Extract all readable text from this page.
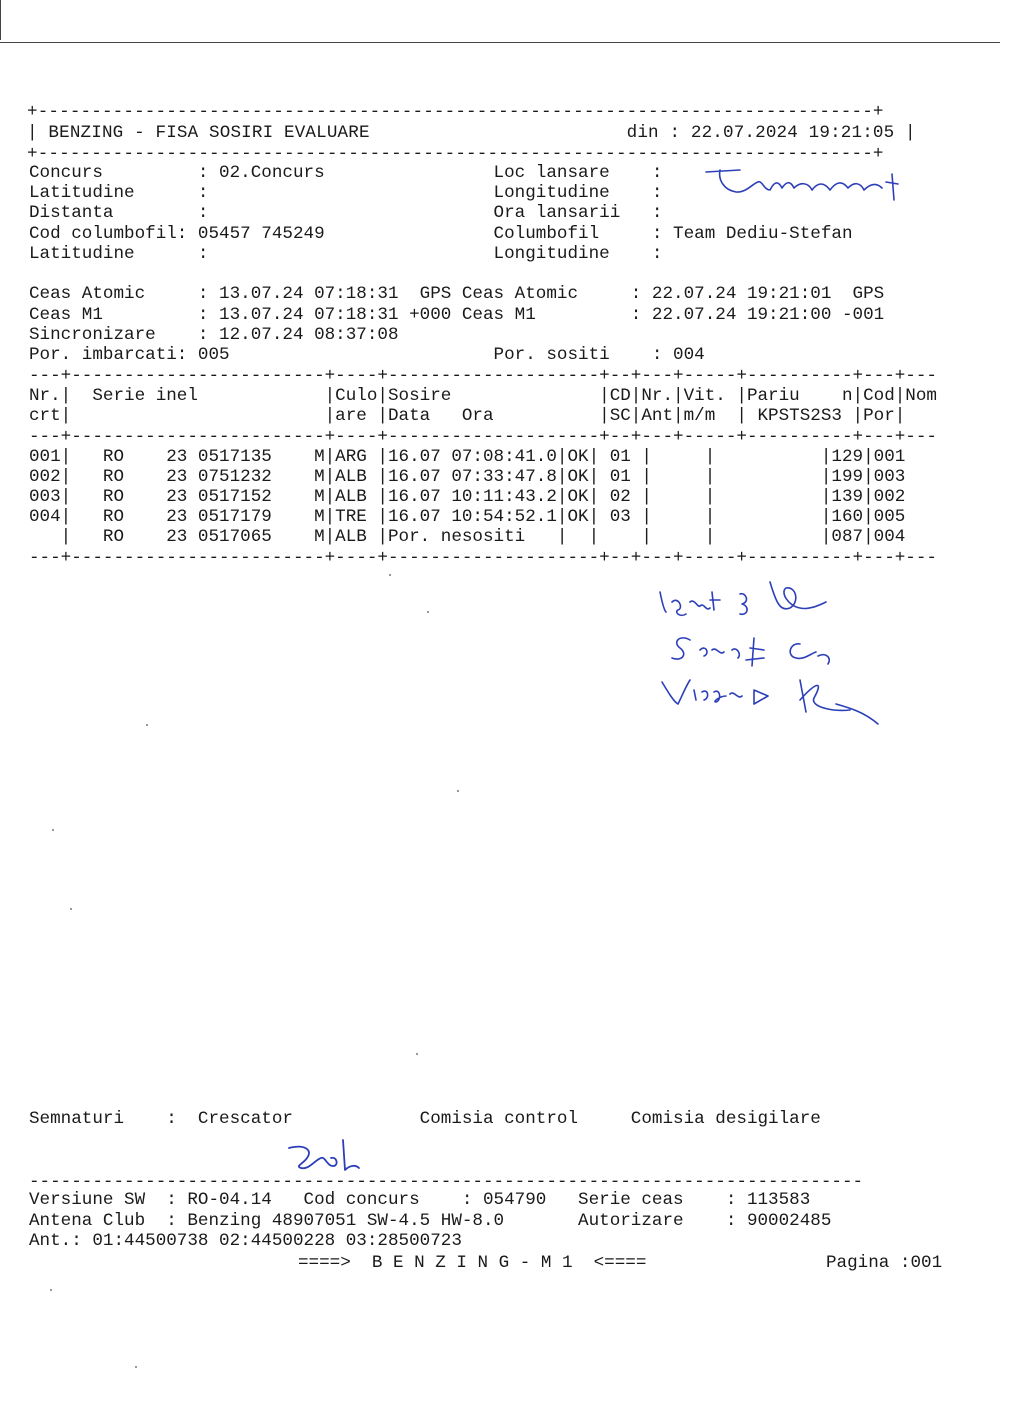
+------------------------------------------------------------------------------+
| BENZING - FISA SOSIRI EVALUARE                        din : 22.07.2024 19:21:05 |
+------------------------------------------------------------------------------+
Concurs         : 02.Concurs                Loc lansare    :
Latitudine      :                           Longitudine    :
Distanta        :                           Ora lansarii   :
Cod columbofil: 05457 745249                Columbofil     : Team Dediu-Stefan
Latitudine      :                           Longitudine    :
Ceas Atomic     : 13.07.24 07:18:31  GPS Ceas Atomic     : 22.07.24 19:21:01  GPS
Ceas M1         : 13.07.24 07:18:31 +000 Ceas M1         : 22.07.24 19:21:00 -001
Sincronizare    : 12.07.24 08:37:08
Por. imbarcati: 005                         Por. sositi    : 004
---+------------------------+----+--------------------+--+---+-----+----------+---+---
Nr.|  Serie inel            |Culo|Sosire              |CD|Nr.|Vit. |Pariu    n|Cod|Nom
crt|                        |are |Data   Ora          |SC|Ant|m/m  | KPSTS2S3 |Por|
---+------------------------+----+--------------------+--+---+-----+----------+---+---
001|   RO    23 0517135    M|ARG |16.07 07:08:41.0|OK| 01 |     |          |129|001
002|   RO    23 0751232    M|ALB |16.07 07:33:47.8|OK| 01 |     |          |199|003
003|   RO    23 0517152    M|ALB |16.07 10:11:43.2|OK| 02 |     |          |139|002
004|   RO    23 0517179    M|TRE |16.07 10:54:52.1|OK| 03 |     |          |160|005
|   RO    23 0517065    M|ALB |Por. nesositi   |  |    |     |          |087|004
---+------------------------+----+--------------------+--+---+-----+----------+---+---
Semnaturi    :  Crescator            Comisia control     Comisia desigilare
-------------------------------------------------------------------------------
Versiune SW  : RO-04.14   Cod concurs    : 054790   Serie ceas    : 113583
Antena Club  : Benzing 48907051 SW-4.5 HW-8.0       Autorizare    : 90002485
Ant.: 01:44500738 02:44500228 03:28500723
====>  B E N Z I N G - M 1  <====	Pagina :001
